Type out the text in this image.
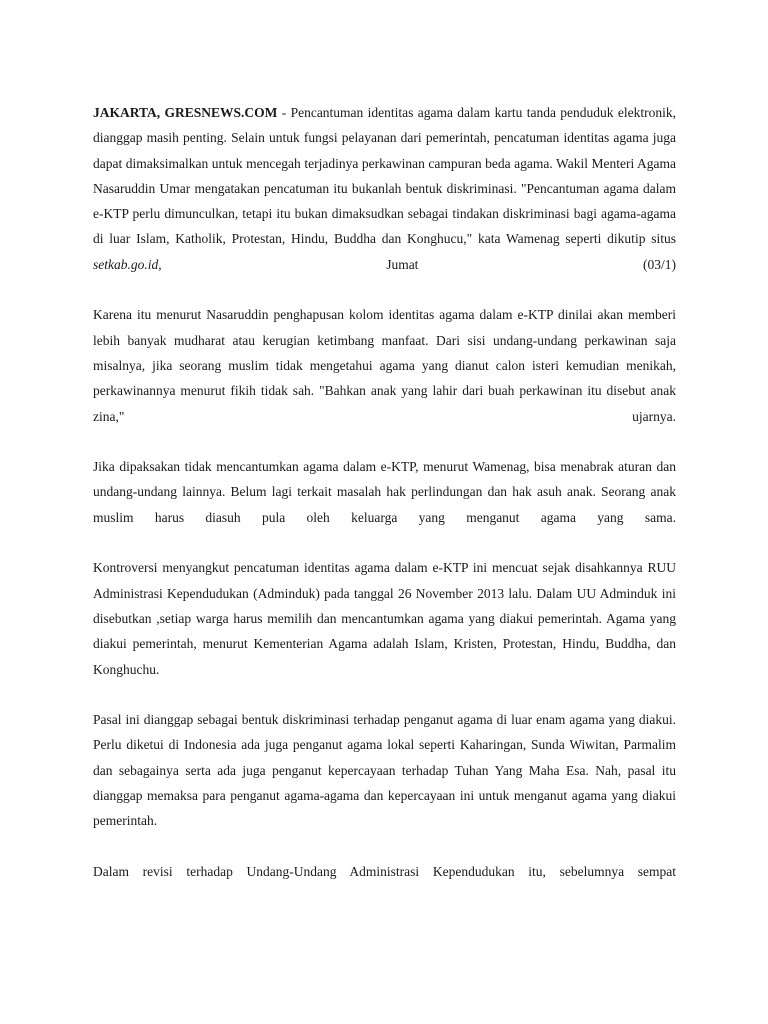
JAKARTA, GRESNEWS.COM - Pencantuman identitas agama dalam kartu tanda penduduk elektronik, dianggap masih penting. Selain untuk fungsi pelayanan dari pemerintah, pencatuman identitas agama juga dapat dimaksimalkan untuk mencegah terjadinya perkawinan campuran beda agama. Wakil Menteri Agama Nasaruddin Umar mengatakan pencatuman itu bukanlah bentuk diskriminasi. "Pencantuman agama dalam e-KTP perlu dimunculkan, tetapi itu bukan dimaksudkan sebagai tindakan diskriminasi bagi agama-agama di luar Islam, Katholik, Protestan, Hindu, Buddha dan Konghucu," kata Wamenag seperti dikutip situs setkab.go.id, Jumat (03/1)

Karena itu menurut Nasaruddin penghapusan kolom identitas agama dalam e-KTP dinilai akan memberi lebih banyak mudharat atau kerugian ketimbang manfaat. Dari sisi undang-undang perkawinan saja misalnya, jika seorang muslim tidak mengetahui agama yang dianut calon isteri kemudian menikah, perkawinannya menurut fikih tidak sah. "Bahkan anak yang lahir dari buah perkawinan itu disebut anak zina," ujarnya.

Jika dipaksakan tidak mencantumkan agama dalam e-KTP, menurut Wamenag, bisa menabrak aturan dan undang-undang lainnya. Belum lagi terkait masalah hak perlindungan dan hak asuh anak. Seorang anak muslim harus diasuh pula oleh keluarga yang menganut agama yang sama.

Kontroversi menyangkut pencatuman identitas agama dalam e-KTP ini mencuat sejak disahkannya RUU Administrasi Kependudukan (Adminduk) pada tanggal 26 November 2013 lalu. Dalam UU Adminduk ini disebutkan ,setiap warga harus memilih dan mencantumkan agama yang diakui pemerintah. Agama yang diakui pemerintah, menurut Kementerian Agama adalah Islam, Kristen, Protestan, Hindu, Buddha, dan Konghuchu.

Pasal ini dianggap sebagai bentuk diskriminasi terhadap penganut agama di luar enam agama yang diakui. Perlu diketui di Indonesia ada juga penganut agama lokal seperti Kaharingan, Sunda Wiwitan, Parmalim dan sebagainya serta ada juga penganut kepercayaan terhadap Tuhan Yang Maha Esa. Nah, pasal itu dianggap memaksa para penganut agama-agama dan kepercayaan ini untuk menganut agama yang diakui pemerintah.

Dalam revisi terhadap Undang-Undang Administrasi Kependudukan itu, sebelumnya sempat
